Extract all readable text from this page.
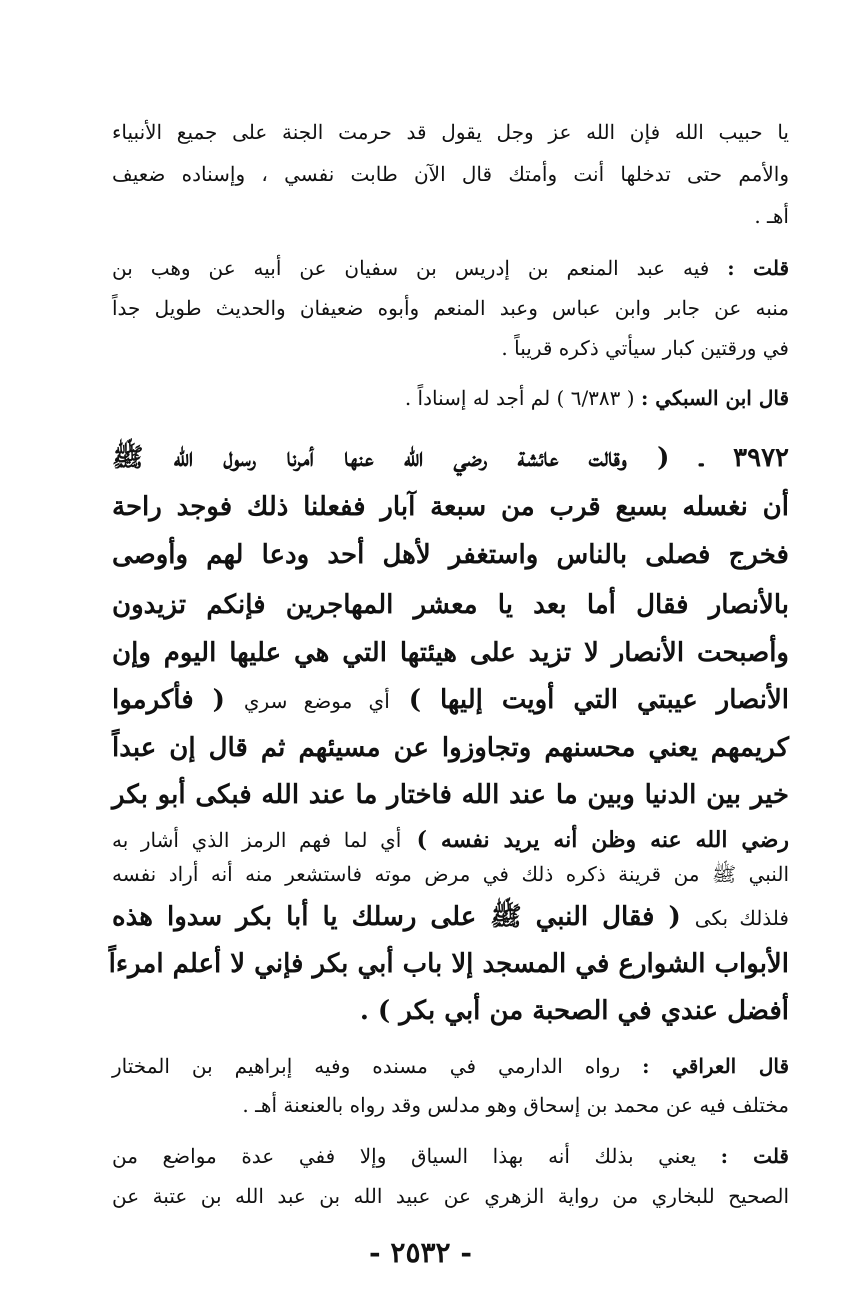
يا حبيب الله فإن الله عز وجل يقول قد حرمت الجنة على جميع الأنبياء
والأمم حتى تدخلها أنت وأمتك قال الآن طابت نفسي ، وإسناده ضعيف
أهـ .
قلت : فيه عبد المنعم بن إدريس بن سفيان عن أبيه عن وهب بن
منبه عن جابر وابن عباس وعبد المنعم وأبوه ضعيفان والحديث طويل جداً
في ورقتين كبار سيأتي ذكره قريباً .
قال ابن السبكي : ( ٦/٣٨٣ ) لم أجد له إسناداً .
٣٩٧٢ ـ ( وقالت عائشة رضي الله عنها أمرنا رسول الله ﷺ
أن نغسله بسبع قرب من سبعة آبار ففعلنا ذلك فوجد راحة
فخرج فصلى بالناس واستغفر لأهل أحد ودعا لهم وأوصى
بالأنصار فقال أما بعد يا معشر المهاجرين فإنكم تزيدون
وأصبحت الأنصار لا تزيد على هيئتها التي هي عليها اليوم وإن
الأنصار عيبتي التي أويت إليها ) أي موضع سري ( فأكرموا
كريمهم يعني محسنهم وتجاوزوا عن مسيئهم ثم قال إن عبداً
خير بين الدنيا وبين ما عند الله فاختار ما عند الله فبكى أبو بكر
رضي الله عنه وظن أنه يريد نفسه ) أي لما فهم الرمز الذي أشار به
النبي ﷺ من قرينة ذكره ذلك في مرض موته فاستشعر منه أنه أراد نفسه
فلذلك بكى ( فقال النبي ﷺ على رسلك يا أبا بكر سدوا هذه
الأبواب الشوارع في المسجد إلا باب أبي بكر فإني لا أعلم امرءاً
أفضل عندي في الصحبة من أبي بكر ) .
قال العراقي : رواه الدارمي في مسنده وفيه إبراهيم بن المختار
مختلف فيه عن محمد بن إسحاق وهو مدلس وقد رواه بالعنعنة أهـ .
قلت : يعني بذلك أنه بهذا السياق وإلا ففي عدة مواضع من
الصحيح للبخاري من رواية الزهري عن عبيد الله بن عبد الله بن عتبة عن
- ٢٥٣٢ -
